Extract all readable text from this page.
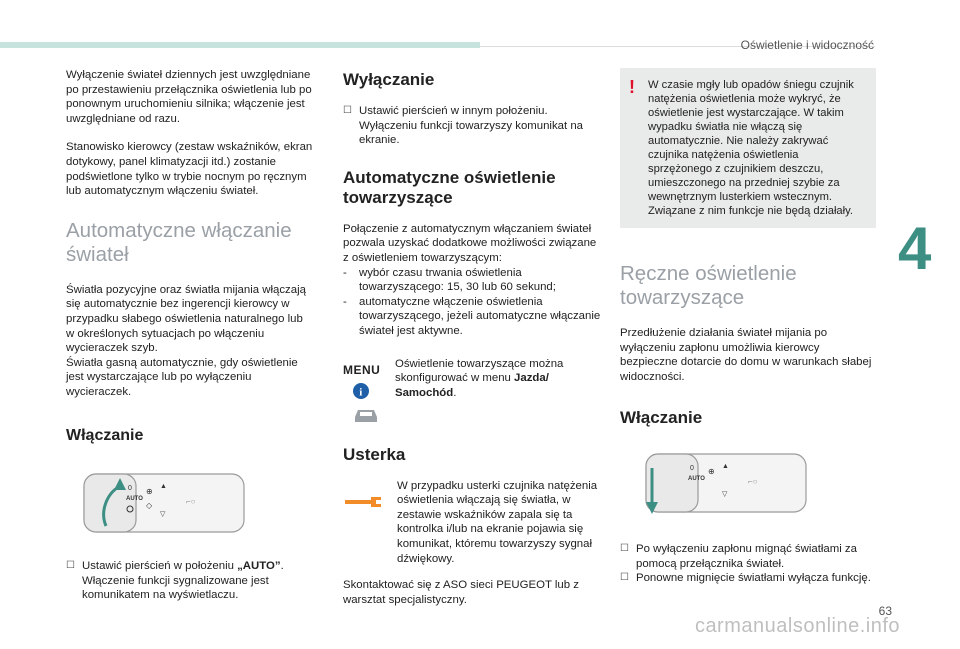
Oświetlenie i widoczność
4

Wyłączenie świateł dziennych jest uwzględniane po przestawieniu przełącznika oświetlenia lub po ponownym uruchomieniu silnika; włączenie jest uwzględniane od razu.

Stanowisko kierowcy (zestaw wskaźników, ekran dotykowy, panel klimatyzacji itd.) zostanie podświetlone tylko w trybie nocnym po ręcznym lub automatycznym włączeniu świateł.

Automatyczne włączanie świateł

Światła pozycyjne oraz światła mijania włączają się automatycznie bez ingerencji kierowcy w przypadku słabego oświetlenia naturalnego lub w określonych sytuacjach po włączeniu wycieraczek szyb.

Światła gasną automatycznie, gdy oświetlenie jest wystarczające lub po wyłączeniu wycieraczek.

Włączanie
0
AUTO
⊕
◇
▲
▽
⌐○
☐ Ustawić pierścień w położeniu „AUTO”. Włączenie funkcji sygnalizowane jest komunikatem na wyświetlaczu.
Wyłączanie
☐ Ustawić pierścień w innym położeniu. Wyłączeniu funkcji towarzyszy komunikat na ekranie.
Automatyczne oświetlenie towarzyszące

Połączenie z automatycznym włączaniem świateł pozwala uzyskać dodatkowe możliwości związane z oświetleniem towarzyszącym:

-	wybór czasu trwania oświetlenia towarzyszącego: 15, 30 lub 60 sekund;
-	automatyczne włączenie oświetlenia towarzyszącego, jeżeli automatyczne włączanie świateł jest aktywne.
MENU
i

Oświetlenie towarzyszące można skonfigurować w menu Jazda/ Samochód.

Usterka

W przypadku usterki czujnika natężenia oświetlenia włączają się światła, w zestawie wskaźników zapala się ta kontrolka i/lub na ekranie pojawia się komunikat, któremu towarzyszy sygnał dźwiękowy.

Skontaktować się z ASO sieci PEUGEOT lub z warsztat specjalistyczny.

! W czasie mgły lub opadów śniegu czujnik natężenia oświetlenia może wykryć, że oświetlenie jest wystarczające. W takim wypadku światła nie włączą się automatycznie. Nie należy zakrywać czujnika natężenia oświetlenia sprzężonego z czujnikiem deszczu, umieszczonego na przedniej szybie za wewnętrznym lusterkiem wstecznym. Związane z nim funkcje nie będą działały.
Ręczne oświetlenie towarzyszące

Przedłużenie działania świateł mijania po wyłączeniu zapłonu umożliwia kierowcy bezpieczne dotarcie do domu w warunkach słabej widoczności.

Włączanie
0
AUTO
⊕
▲
▽
⌐○
☐ Po wyłączeniu zapłonu mignąć światłami za pomocą przełącznika świateł.
☐ Ponowne mignięcie światłami wyłącza funkcję.
63
carmanualsonline.info
